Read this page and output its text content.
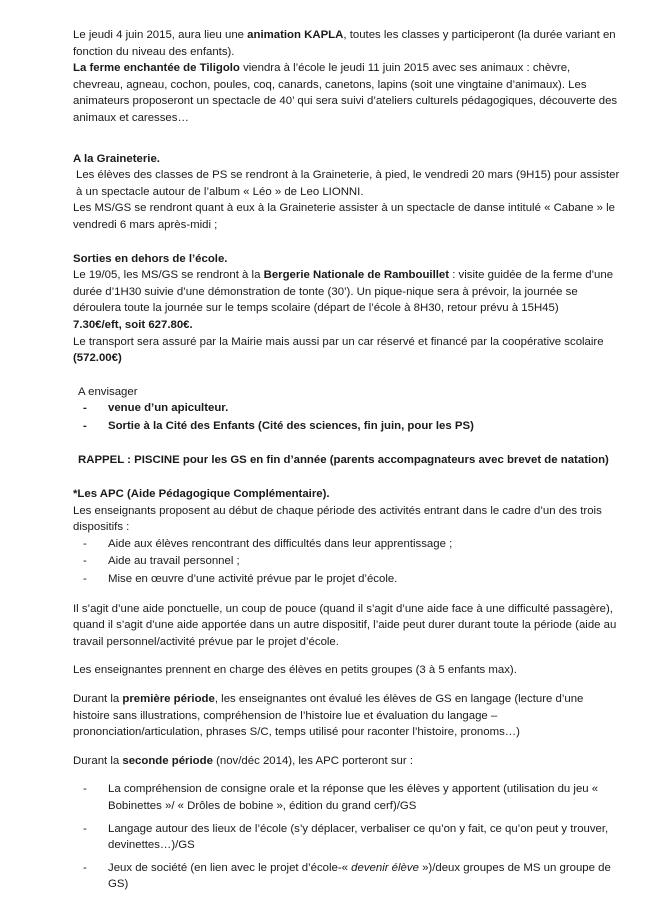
Le jeudi 4 juin 2015, aura lieu une animation KAPLA, toutes les classes y participeront (la durée variant en fonction du niveau des enfants).

La ferme enchantée de Tiligolo viendra à l’école le jeudi 11 juin 2015 avec ses animaux : chèvre, chevreau, agneau, cochon, poules, coq, canards, canetons, lapins (soit une vingtaine d’animaux). Les animateurs proposeront un spectacle de 40’ qui sera suivi d’ateliers culturels pédagogiques, découverte des animaux et caresses…

A la Graineterie.

Les élèves des classes de PS se rendront à la Graineterie, à pied, le vendredi 20 mars (9H15) pour assister à un spectacle autour de l’album « Léo » de Leo LIONNI.

Les MS/GS se rendront quant à eux à la Graineterie assister à un spectacle de danse intitulé « Cabane » le vendredi 6 mars après-midi ;

Sorties en dehors de l’école.

Le 19/05, les MS/GS se rendront à la Bergerie Nationale de Rambouillet : visite guidée de la ferme d’une durée d’1H30 suivie d’une démonstration de tonte (30’). Un pique-nique sera à prévoir, la journée se déroulera toute la journée sur le temps scolaire (départ de l’école à 8H30, retour prévu à 15H45)

7.30€/eft, soit 627.80€.

Le transport sera assuré par la Mairie mais aussi par un car réservé et financé par la coopérative scolaire

(572.00€)

A envisager

- venue d’un apiculteur.
- Sortie à la Cité des Enfants (Cité des sciences, fin juin, pour les PS)

RAPPEL : PISCINE pour les GS en fin d’année (parents accompagnateurs avec brevet de natation)

*Les APC (Aide Pédagogique Complémentaire).

Les enseignants proposent au début de chaque période des activités entrant dans le cadre d’un des trois dispositifs :

- Aide aux élèves rencontrant des difficultés dans leur apprentissage ;
- Aide au travail personnel ;
- Mise en œuvre d’une activité prévue par le projet d’école.

Il s’agit d’une aide ponctuelle, un coup de pouce (quand il s’agit d’une aide face à une difficulté passagère), quand il s’agit d’une aide apportée dans un autre dispositif, l’aide peut durer durant toute la période (aide au travail personnel/activité prévue par le projet d’école.

Les enseignantes prennent en charge des élèves en petits groupes (3 à 5 enfants max).

Durant la première période, les enseignantes ont évalué les élèves de GS en langage (lecture d’une histoire sans illustrations, compréhension de l’histoire lue et évaluation du langage –prononciation/articulation, phrases S/C, temps utilisé pour raconter l’histoire, pronoms…)

Durant la seconde période (nov/déc 2014), les APC porteront sur :

- La compréhension de consigne orale et la réponse que les élèves y apportent (utilisation du jeu « Bobinettes »/ « Drôles de bobine », édition du grand cerf)/GS
- Langage autour des lieux de l’école (s’y déplacer, verbaliser ce qu’on y fait, ce qu’on peut y trouver, devinettes…)/GS
- Jeux de société (en lien avec le projet d’école-« devenir élève »)/deux groupes de MS un groupe de GS)
